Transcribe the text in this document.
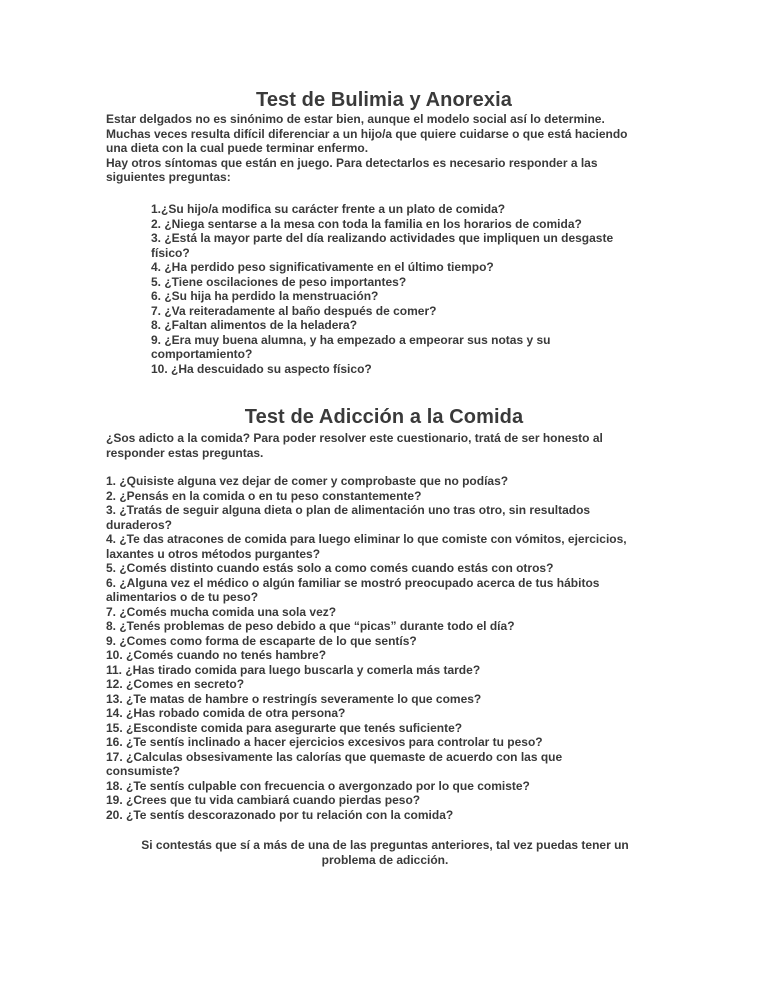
Test de Bulimia y Anorexia
Estar delgados no es sinónimo de estar bien, aunque el modelo social así lo determine.
Muchas veces resulta difícil diferenciar a un hijo/a que quiere cuidarse o que está haciendo
una dieta con la cual puede terminar enfermo.
Hay otros síntomas que están en juego. Para detectarlos es necesario responder a las
siguientes preguntas:
1.¿Su hijo/a modifica su carácter frente a un plato de comida?
2. ¿Niega sentarse a la mesa con toda la familia en los horarios de comida?
3. ¿Está la mayor parte del día realizando actividades que impliquen un desgaste
físico?
4. ¿Ha perdido peso significativamente en el último tiempo?
5. ¿Tiene oscilaciones de peso importantes?
6. ¿Su hija ha perdido la menstruación?
7. ¿Va reiteradamente al baño después de comer?
8. ¿Faltan alimentos de la heladera?
9. ¿Era muy buena alumna, y ha empezado a empeorar sus notas y su
comportamiento?
10. ¿Ha descuidado su aspecto físico?
Test de Adicción a la Comida
¿Sos adicto a la comida? Para poder resolver este cuestionario, tratá de ser honesto al
responder estas preguntas.
1. ¿Quisiste alguna vez dejar de comer y comprobaste que no podías?
2. ¿Pensás en la comida o en tu peso constantemente?
3. ¿Tratás de seguir alguna dieta o plan de alimentación uno tras otro, sin resultados
duraderos?
4. ¿Te das atracones de comida para luego eliminar lo que comiste con vómitos, ejercicios,
laxantes u otros métodos purgantes?
5. ¿Comés distinto cuando estás solo a como comés cuando estás con otros?
6. ¿Alguna vez el médico o algún familiar se mostró preocupado acerca de tus hábitos
alimentarios o de tu peso?
7. ¿Comés mucha comida una sola vez?
8. ¿Tenés problemas de peso debido a que “picas” durante todo el día?
9. ¿Comes como forma de escaparte de lo que sentís?
10. ¿Comés cuando no tenés hambre?
11. ¿Has tirado comida para luego buscarla y comerla más tarde?
12. ¿Comes en secreto?
13. ¿Te matas de hambre o restringís severamente lo que comes?
14. ¿Has robado comida de otra persona?
15. ¿Escondiste comida para asegurarte que tenés suficiente?
16. ¿Te sentís inclinado a hacer ejercicios excesivos para controlar tu peso?
17. ¿Calculas obsesivamente las calorías que quemaste de acuerdo con las que
consumiste?
18. ¿Te sentís culpable con frecuencia o avergonzado por lo que comiste?
19. ¿Crees que tu vida cambiará cuando pierdas peso?
20. ¿Te sentís descorazonado por tu relación con la comida?
Si contestás que sí a más de una de las preguntas anteriores, tal vez puedas tener un
problema de adicción.
